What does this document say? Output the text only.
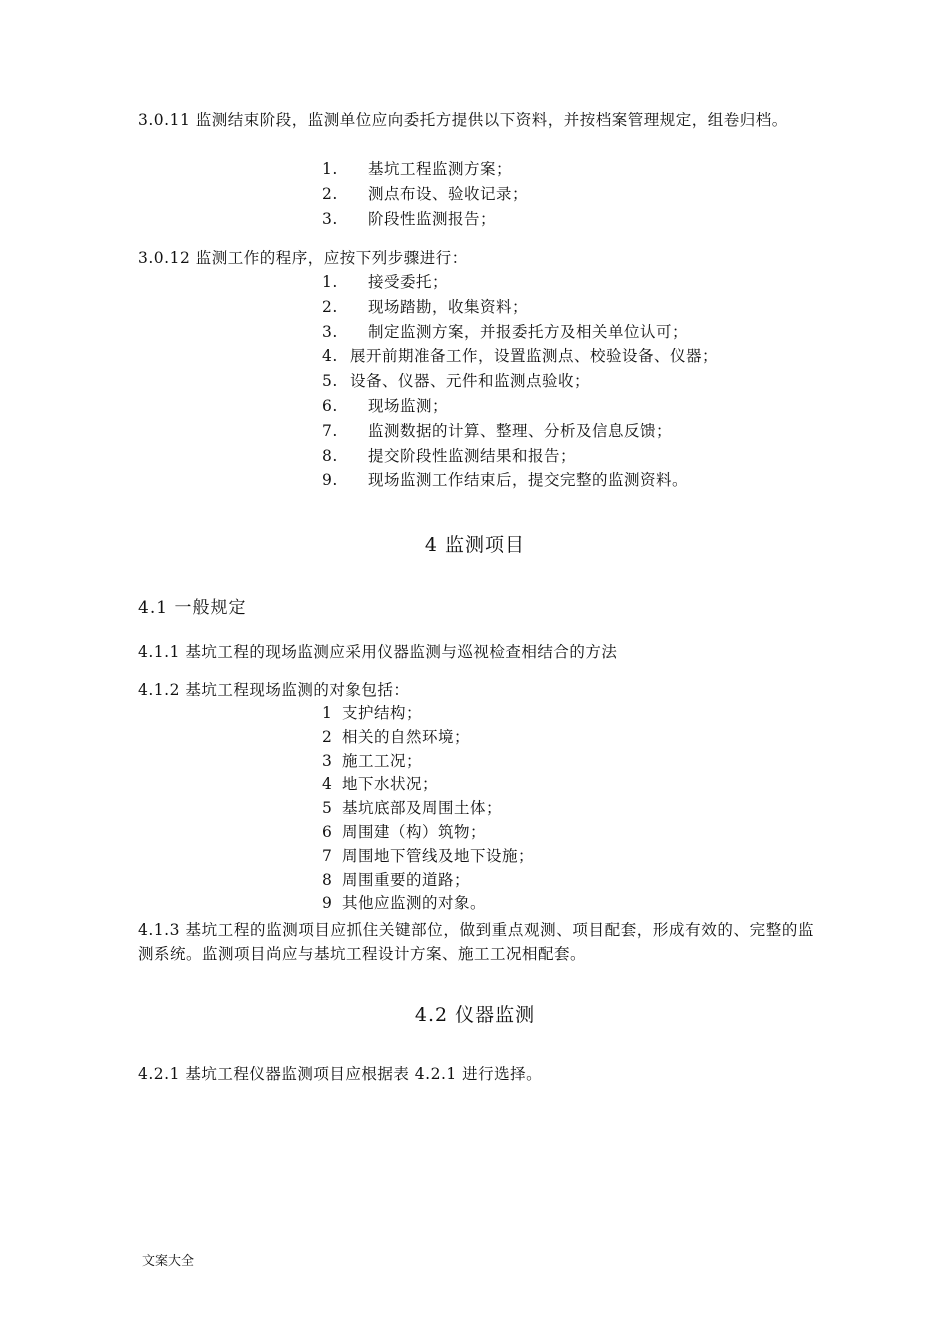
3.0.11 监测结束阶段，监测单位应向委托方提供以下资料，并按档案管理规定，组卷归档。
1. 基坑工程监测方案；
2. 测点布设、验收记录；
3. 阶段性监测报告；
3.0.12 监测工作的程序，应按下列步骤进行：
1. 接受委托；
2. 现场踏勘，收集资料；
3. 制定监测方案，并报委托方及相关单位认可；
4. 展开前期准备工作，设置监测点、校验设备、仪器；
5. 设备、仪器、元件和监测点验收；
6. 现场监测；
7. 监测数据的计算、整理、分析及信息反馈；
8. 提交阶段性监测结果和报告；
9. 现场监测工作结束后，提交完整的监测资料。
4 监测项目
4.1 一般规定
4.1.1 基坑工程的现场监测应采用仪器监测与巡视检查相结合的方法
4.1.2 基坑工程现场监测的对象包括：
1 支护结构；
2 相关的自然环境；
3 施工工况；
4 地下水状况；
5 基坑底部及周围土体；
6 周围建（构）筑物；
7 周围地下管线及地下设施；
8 周围重要的道路；
9 其他应监测的对象。
4.1.3 基坑工程的监测项目应抓住关键部位，做到重点观测、项目配套，形成有效的、完整的监测系统。监测项目尚应与基坑工程设计方案、施工工况相配套。
4.2 仪器监测
4.2.1 基坑工程仪器监测项目应根据表 4.2.1 进行选择。
文案大全
